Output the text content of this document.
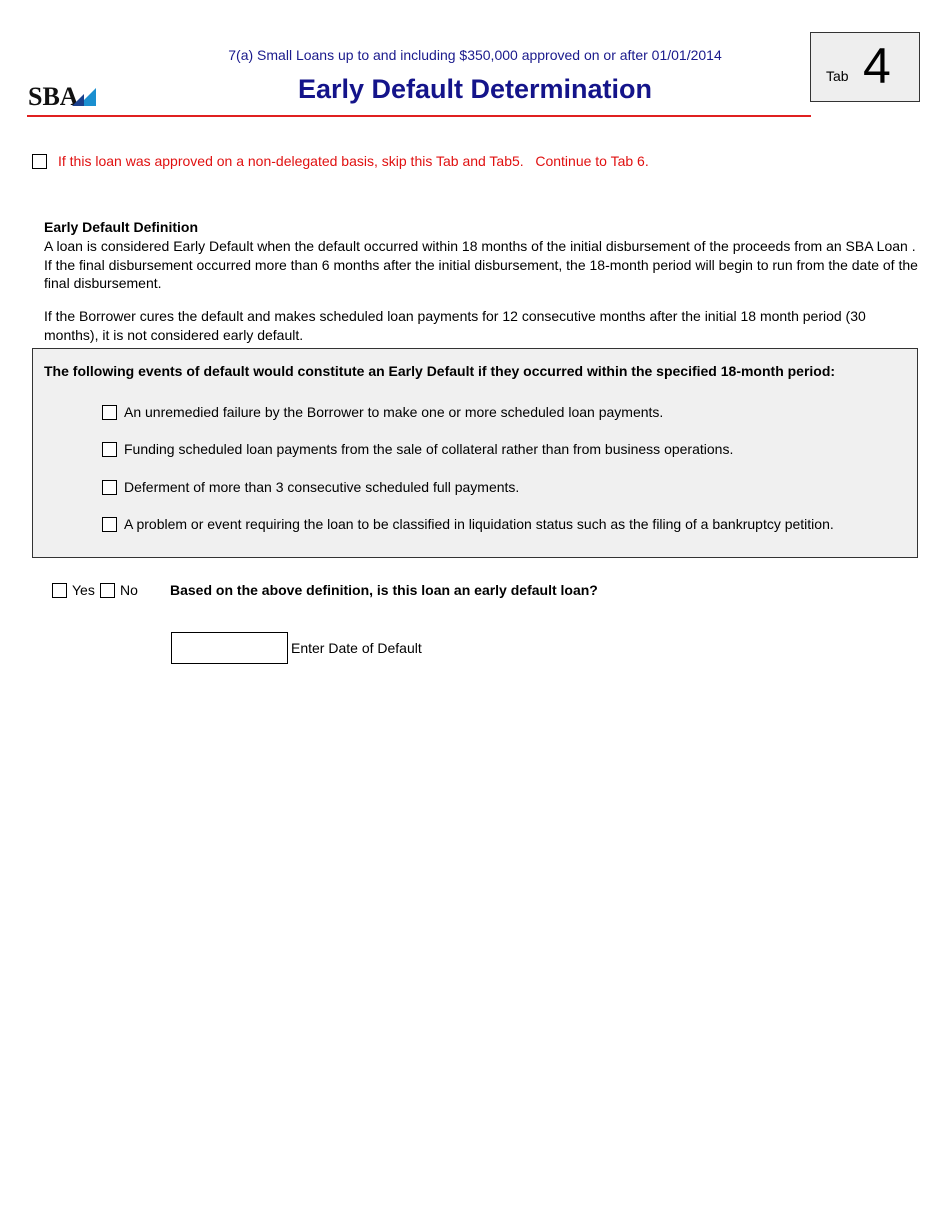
7(a) Small Loans up to and including $350,000 approved on or after 01/01/2014
Early Default Determination
SBA
Tab 4
If this loan was approved on a non-delegated basis, skip this Tab and Tab5.   Continue to Tab 6.
Early Default Definition
A loan is considered Early Default when the default occurred within 18 months of the initial disbursement of the proceeds from an SBA Loan . If the final disbursement occurred more than 6 months after the initial disbursement, the 18-month period will begin to run from the date of the final disbursement.
If the Borrower cures the default and makes scheduled loan payments for 12 consecutive months after the initial 18 month period (30 months), it is not considered early default.
The following events of default would constitute an Early Default if they occurred within the specified 18-month period:
An unremedied failure by the Borrower to make one or more scheduled loan payments.
Funding scheduled loan payments from the sale of collateral rather than from business operations.
Deferment of more than 3 consecutive scheduled full payments.
A problem or event requiring the loan to be classified in liquidation status such as the filing of a bankruptcy petition.
Yes No Based on the above definition, is this loan an early default loan?
Enter Date of Default
